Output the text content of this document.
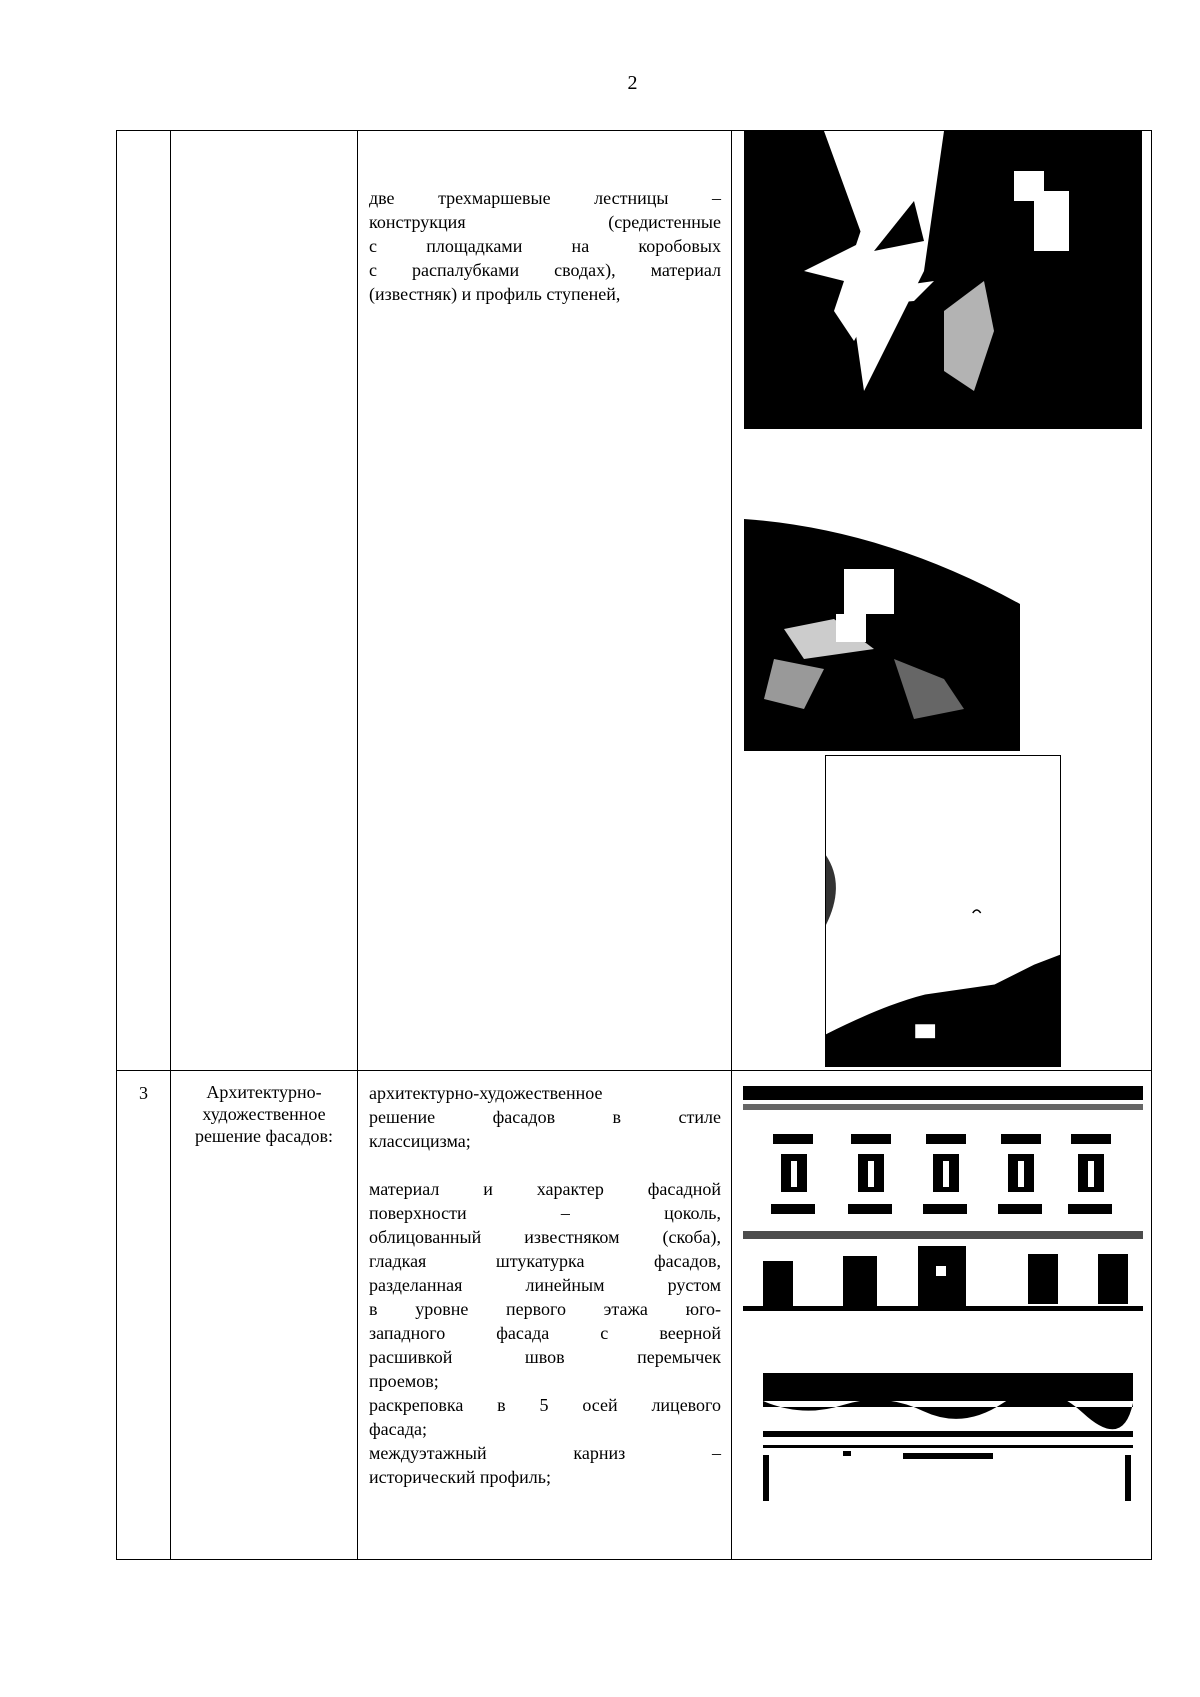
2
две трехмаршевые лестницы –
конструкция (средистенные
с площадками на коробовых
с распалубками сводах), материал
(известняк) и профиль ступеней,
3	Архитектурно-
художественное
решение фасадов:
архитектурно-художественное
решение фасадов в стиле
классицизма;
материал и характер фасадной
поверхности – цоколь,
облицованный известняком (скоба),
гладкая штукатурка фасадов,
разделанная линейным рустом
в уровне первого этажа юго-
западного фасада с веерной
расшивкой швов перемычек
проемов;
раскреповка в 5 осей лицевого
фасада;
междуэтажный карниз –
исторический профиль;
